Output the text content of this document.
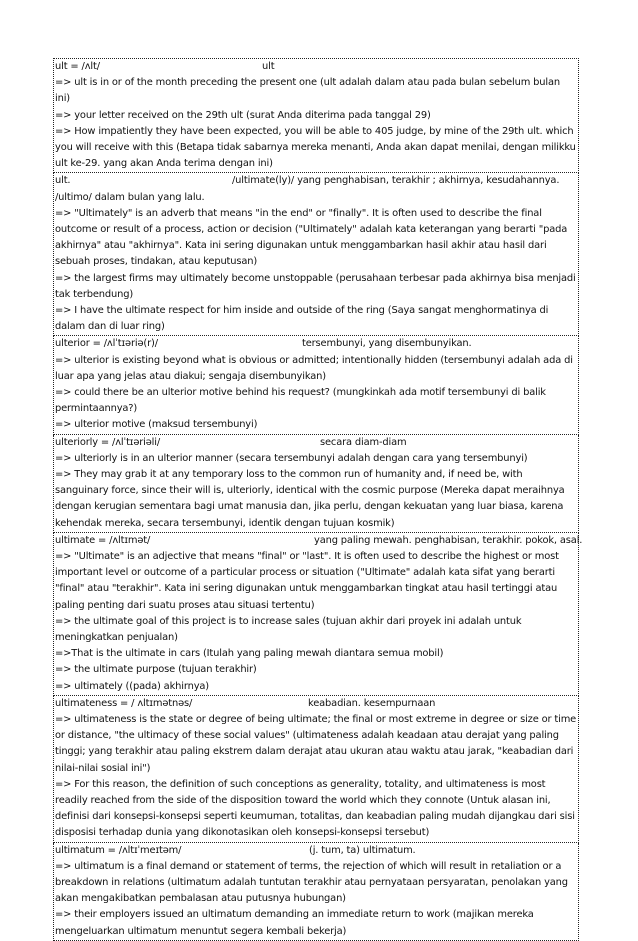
ult = /ʌlt/	ult
=> ult is in or of the month preceding the present one (ult adalah dalam atau pada bulan sebelum bulan ini)
=> your letter received on the 29th ult (surat Anda diterima pada tanggal 29)
=> How impatiently they have been expected, you will be able to 405 judge, by mine of the 29th ult. which you will receive with this (Betapa tidak sabarnya mereka menanti, Anda akan dapat menilai, dengan milikku ult ke-29. yang akan Anda terima dengan ini)
ult.	/ultimate(ly)/ yang penghabisan, terakhir ; akhirnya, kesudahannya.
/ultimo/ dalam bulan yang lalu.
=> "Ultimately" is an adverb that means "in the end" or "finally". It is often used to describe the final outcome or result of a process, action or decision ("Ultimately" adalah kata keterangan yang berarti "pada akhirnya" atau "akhirnya". Kata ini sering digunakan untuk menggambarkan hasil akhir atau hasil dari sebuah proses, tindakan, atau keputusan)
=> the largest firms may ultimately become unstoppable (perusahaan terbesar pada akhirnya bisa menjadi tak terbendung)
=> I have the ultimate respect for him inside and outside of the ring (Saya sangat menghormatinya di dalam dan di luar ring)
ulterior = /ʌlˈtɪəriə(r)/	tersembunyi, yang disembunyikan.
=> ulterior is existing beyond what is obvious or admitted; intentionally hidden (tersembunyi adalah ada di luar apa yang jelas atau diakui; sengaja disembunyikan)
=> could there be an ulterior motive behind his request? (mungkinkah ada motif tersembunyi di balik permintaannya?)
=> ulterior motive (maksud tersembunyi)
ulteriorly = /ʌlˈtɪəriəli/	secara diam-diam
=> ulteriorly is in an ulterior manner (secara tersembunyi adalah dengan cara yang tersembunyi)
=> They may grab it at any temporary loss to the common run of humanity and, if need be, with sanguinary force, since their will is, ulteriorly, identical with the cosmic purpose (Mereka dapat meraihnya dengan kerugian sementara bagi umat manusia dan, jika perlu, dengan kekuatan yang luar biasa, karena kehendak mereka, secara tersembunyi, identik dengan tujuan kosmik)
ultimate = /ʌltɪmət/	yang paling mewah. penghabisan, terakhir. pokok, asal.
=> "Ultimate" is an adjective that means "final" or "last". It is often used to describe the highest or most important level or outcome of a particular process or situation ("Ultimate" adalah kata sifat yang berarti "final" atau "terakhir". Kata ini sering digunakan untuk menggambarkan tingkat atau hasil tertinggi atau paling penting dari suatu proses atau situasi tertentu)
=> the ultimate goal of this project is to increase sales (tujuan akhir dari proyek ini adalah untuk meningkatkan penjualan)
=>That is the ultimate in cars (Itulah yang paling mewah diantara semua mobil)
=> the ultimate purpose (tujuan terakhir)
=> ultimately ((pada) akhirnya)
ultimateness = / ʌltɪmətnəs/	keabadian. kesempurnaan
=> ultimateness is the state or degree of being ultimate; the final or most extreme in degree or size or time or distance, "the ultimacy of these social values" (ultimateness adalah keadaan atau derajat yang paling tinggi; yang terakhir atau paling ekstrem dalam derajat atau ukuran atau waktu atau jarak, "keabadian dari nilai-nilai sosial ini")
=> For this reason, the definition of such conceptions as generality, totality, and ultimateness is most readily reached from the side of the disposition toward the world which they connote (Untuk alasan ini, definisi dari konsepsi-konsepsi seperti keumuman, totalitas, dan keabadian paling mudah dijangkau dari sisi disposisi terhadap dunia yang dikonotasikan oleh konsepsi-konsepsi tersebut)
ultimatum = /ʌltɪˈmeɪtəm/	(j. tum, ta) ultimatum.
=> ultimatum is a final demand or statement of terms, the rejection of which will result in retaliation or a breakdown in relations (ultimatum adalah tuntutan terakhir atau pernyataan persyaratan, penolakan yang akan mengakibatkan pembalasan atau putusnya hubungan)
=> their employers issued an ultimatum demanding an immediate return to work (majikan mereka mengeluarkan ultimatum menuntut segera kembali bekerja)
